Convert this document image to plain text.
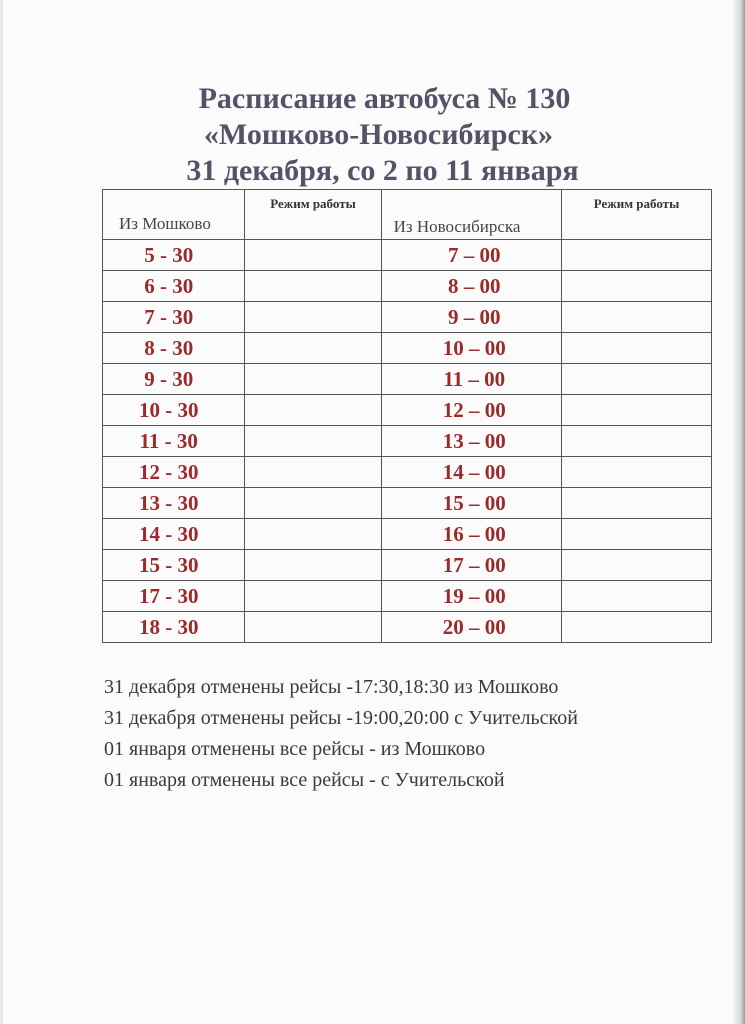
Расписание автобуса № 130
«Мошково-Новосибирск»
31 декабря, со 2 по 11 января
Из Мошково	Режим работы	Из Новосибирска	Режим работы

5 - 30		7 – 00	

6 - 30		8 – 00	

7 - 30		9 – 00	

8 - 30		10 – 00	

9 - 30		11 – 00	

10 - 30		12 – 00	

11 - 30		13 – 00	

12 - 30		14 – 00	

13 - 30		15 – 00	

14 - 30		16 – 00	

15 - 30		17 – 00	

17 - 30		19 – 00	

18 - 30		20 – 00	

31 декабря отменены рейсы -17:30,18:30 из Мошково
31 декабря отменены рейсы -19:00,20:00 с Учительской
01 января отменены все рейсы - из Мошково
01 января отменены все рейсы - с Учительской
